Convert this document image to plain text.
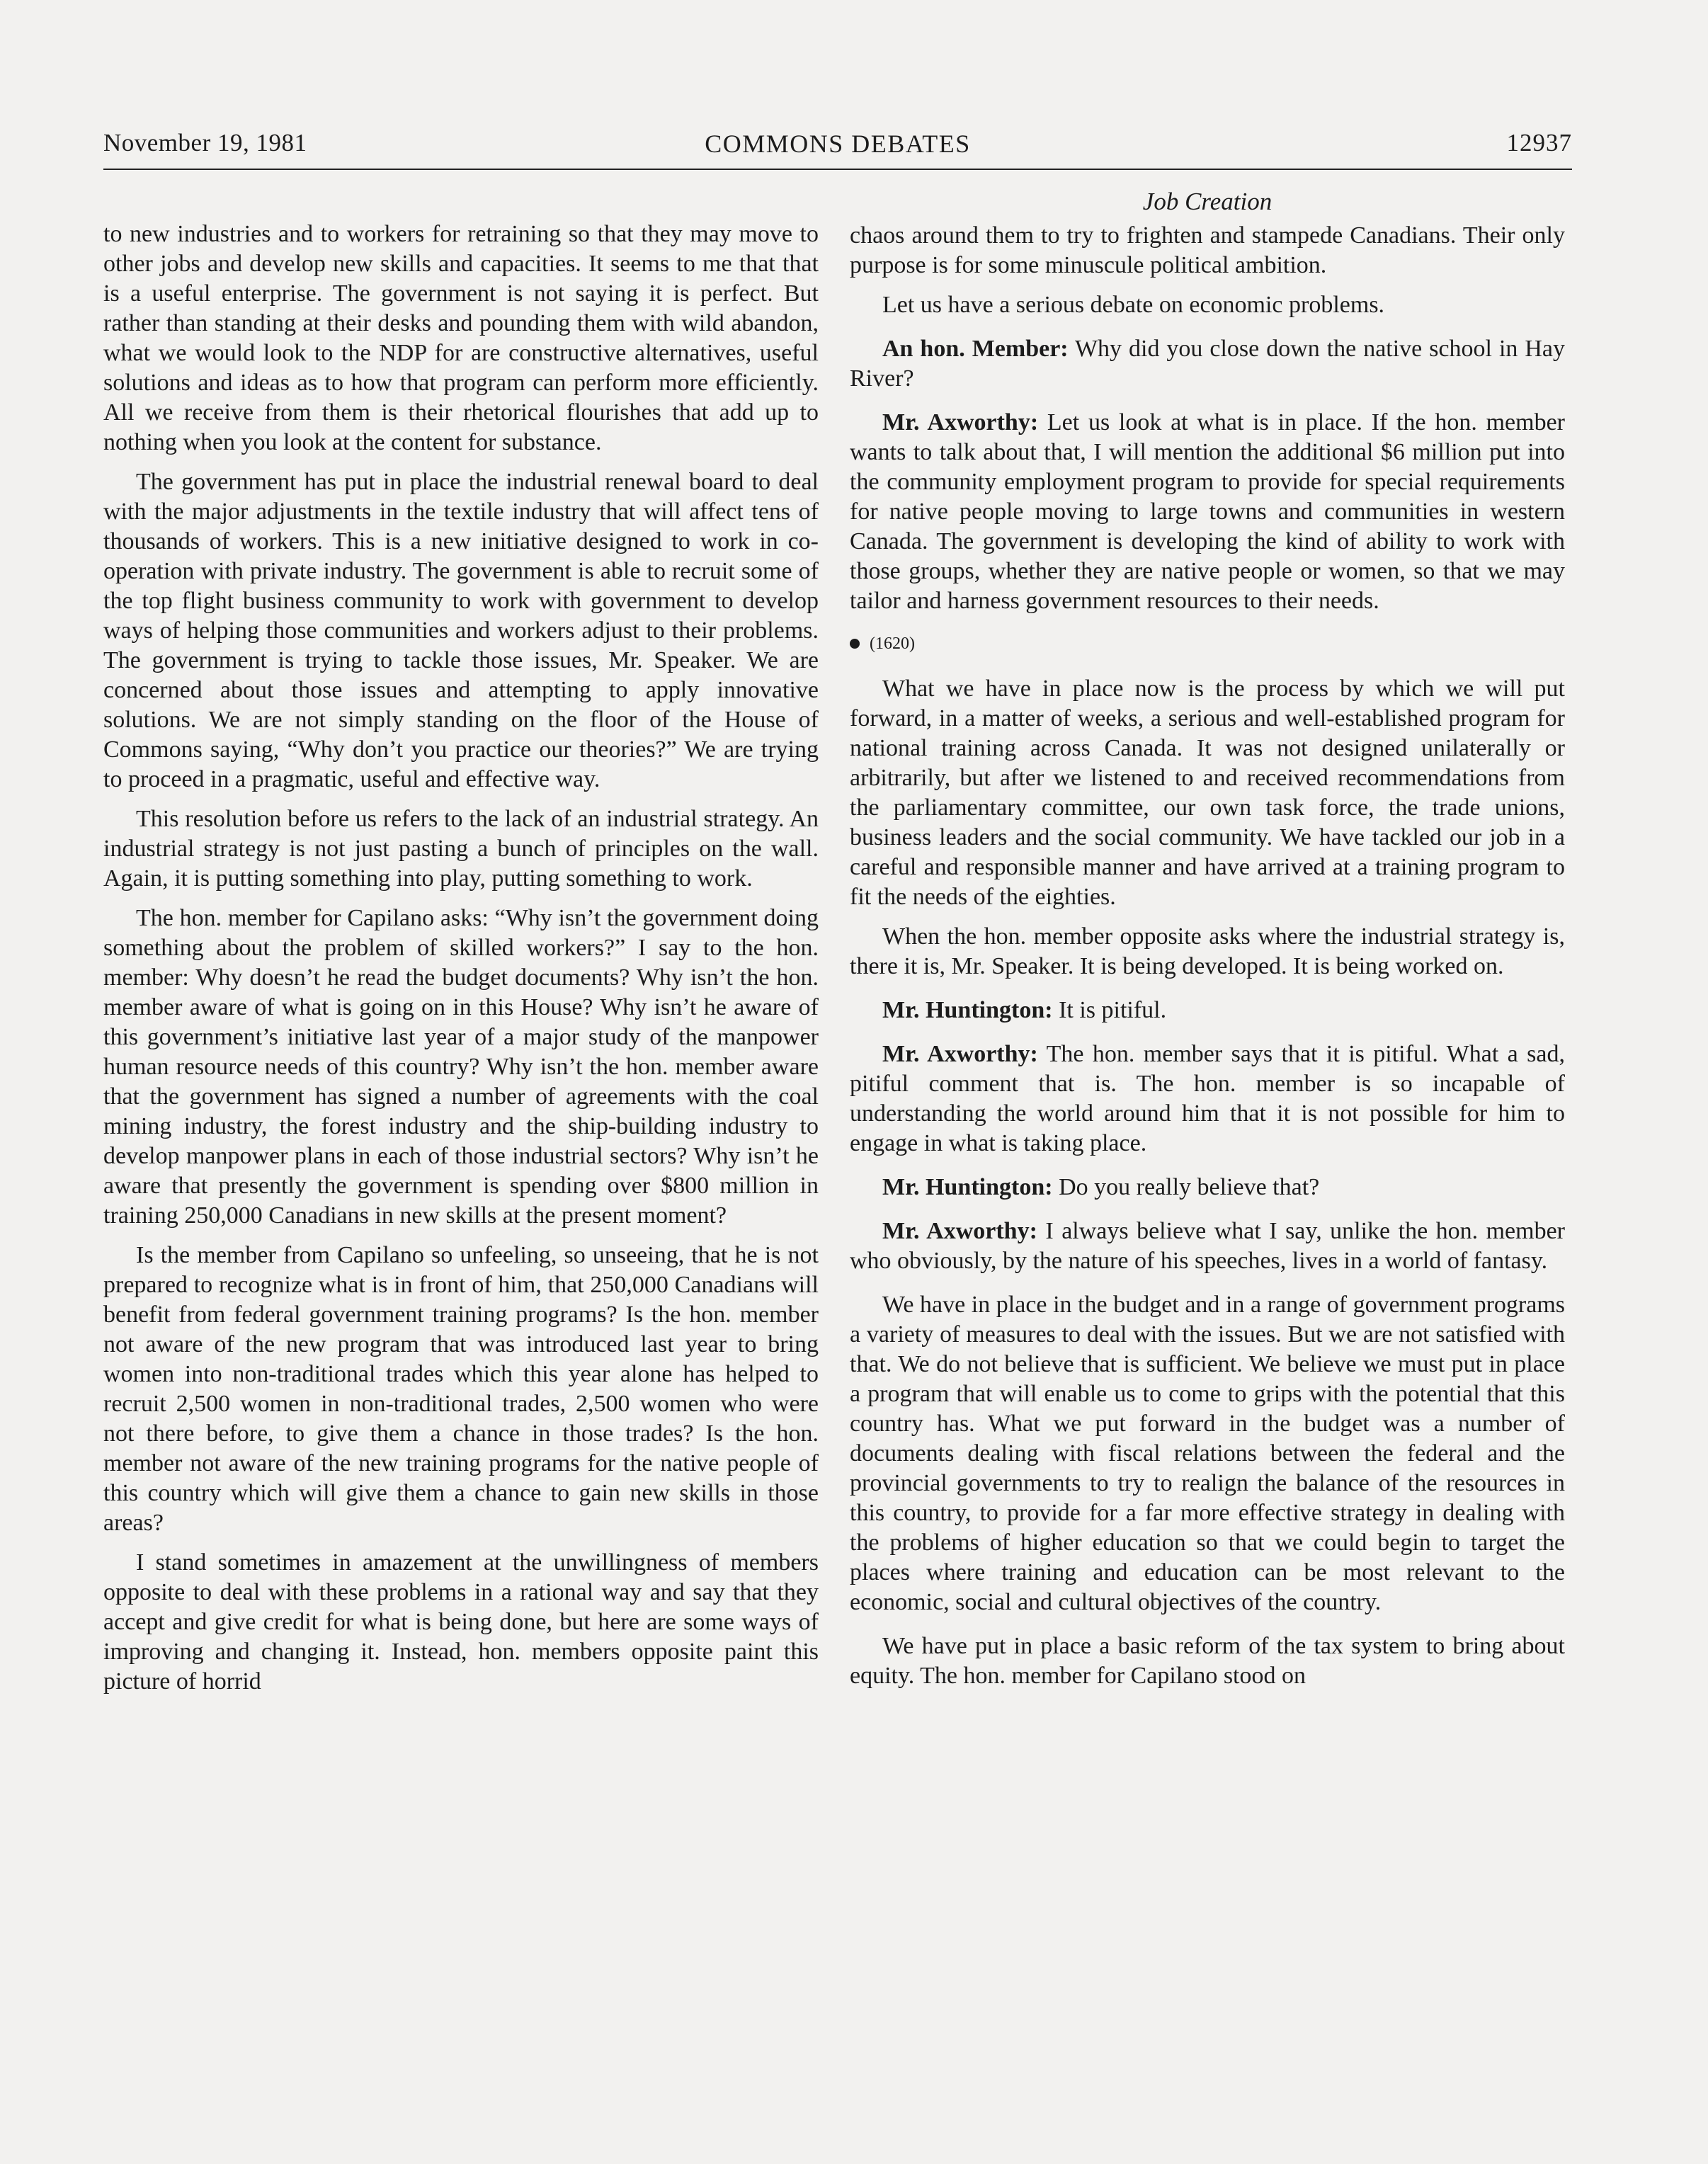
November 19, 1981	COMMONS DEBATES	12937
Job Creation

to new industries and to workers for retraining so that they may move to other jobs and develop new skills and capacities. It seems to me that that is a useful enterprise. The government is not saying it is perfect. But rather than standing at their desks and pounding them with wild abandon, what we would look to the NDP for are constructive alternatives, useful solutions and ideas as to how that program can perform more efficiently. All we receive from them is their rhetorical flourishes that add up to nothing when you look at the content for substance.

The government has put in place the industrial renewal board to deal with the major adjustments in the textile industry that will affect tens of thousands of workers. This is a new initiative designed to work in co-operation with private industry. The government is able to recruit some of the top flight business community to work with government to develop ways of helping those communities and workers adjust to their problems. The government is trying to tackle those issues, Mr. Speaker. We are concerned about those issues and attempting to apply innovative solutions. We are not simply standing on the floor of the House of Commons saying, “Why don’t you practice our theories?” We are trying to proceed in a pragmatic, useful and effective way.

This resolution before us refers to the lack of an industrial strategy. An industrial strategy is not just pasting a bunch of principles on the wall. Again, it is putting something into play, putting something to work.

The hon. member for Capilano asks: “Why isn’t the government doing something about the problem of skilled workers?” I say to the hon. member: Why doesn’t he read the budget documents? Why isn’t the hon. member aware of what is going on in this House? Why isn’t he aware of this government’s initiative last year of a major study of the manpower human resource needs of this country? Why isn’t the hon. member aware that the government has signed a number of agreements with the coal mining industry, the forest industry and the ship-building industry to develop manpower plans in each of those industrial sectors? Why isn’t he aware that presently the government is spending over $800 million in training 250,000 Canadians in new skills at the present moment?

Is the member from Capilano so unfeeling, so unseeing, that he is not prepared to recognize what is in front of him, that 250,000 Canadians will benefit from federal government training programs? Is the hon. member not aware of the new program that was introduced last year to bring women into non-traditional trades which this year alone has helped to recruit 2,500 women in non-traditional trades, 2,500 women who were not there before, to give them a chance in those trades? Is the hon. member not aware of the new training programs for the native people of this country which will give them a chance to gain new skills in those areas?

I stand sometimes in amazement at the unwillingness of members opposite to deal with these problems in a rational way and say that they accept and give credit for what is being done, but here are some ways of improving and changing it. Instead, hon. members opposite paint this picture of horrid

chaos around them to try to frighten and stampede Canadians. Their only purpose is for some minuscule political ambition.

Let us have a serious debate on economic problems.

An hon. Member: Why did you close down the native school in Hay River?

Mr. Axworthy: Let us look at what is in place. If the hon. member wants to talk about that, I will mention the additional $6 million put into the community employment program to provide for special requirements for native people moving to large towns and communities in western Canada. The government is developing the kind of ability to work with those groups, whether they are native people or women, so that we may tailor and harness government resources to their needs.

(1620)

What we have in place now is the process by which we will put forward, in a matter of weeks, a serious and well-established program for national training across Canada. It was not designed unilaterally or arbitrarily, but after we listened to and received recommendations from the parliamentary committee, our own task force, the trade unions, business leaders and the social community. We have tackled our job in a careful and responsible manner and have arrived at a training program to fit the needs of the eighties.

When the hon. member opposite asks where the industrial strategy is, there it is, Mr. Speaker. It is being developed. It is being worked on.

Mr. Huntington: It is pitiful.

Mr. Axworthy: The hon. member says that it is pitiful. What a sad, pitiful comment that is. The hon. member is so incapable of understanding the world around him that it is not possible for him to engage in what is taking place.

Mr. Huntington: Do you really believe that?

Mr. Axworthy: I always believe what I say, unlike the hon. member who obviously, by the nature of his speeches, lives in a world of fantasy.

We have in place in the budget and in a range of government programs a variety of measures to deal with the issues. But we are not satisfied with that. We do not believe that is sufficient. We believe we must put in place a program that will enable us to come to grips with the potential that this country has. What we put forward in the budget was a number of documents dealing with fiscal relations between the federal and the provincial governments to try to realign the balance of the resources in this country, to provide for a far more effective strategy in dealing with the problems of higher education so that we could begin to target the places where training and education can be most relevant to the economic, social and cultural objectives of the country.

We have put in place a basic reform of the tax system to bring about equity. The hon. member for Capilano stood on
